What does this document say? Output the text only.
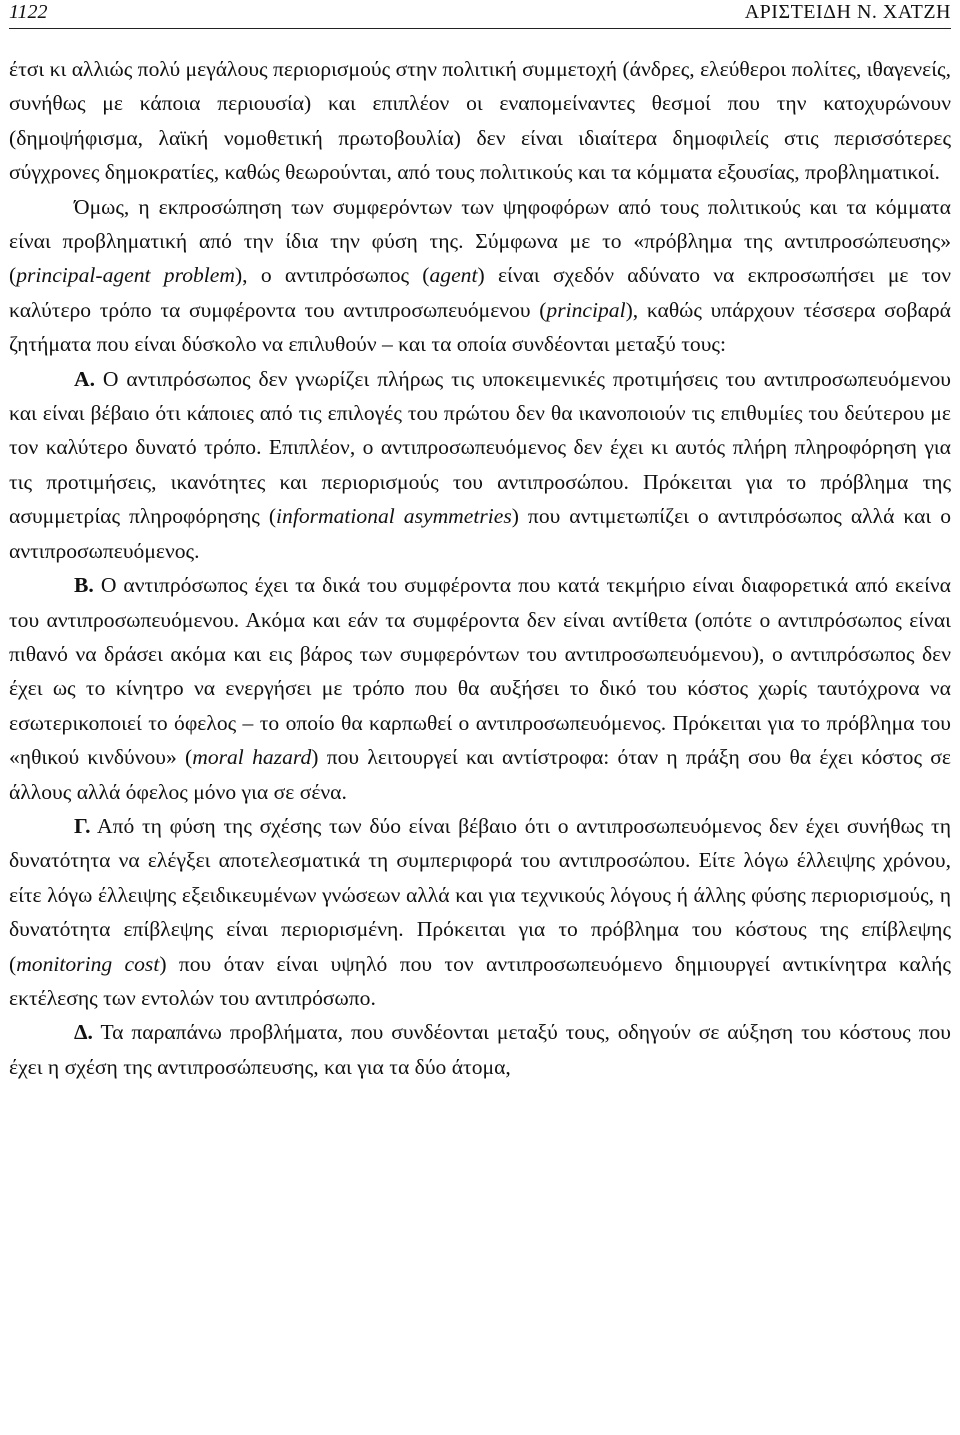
1122	ΑΡΙΣΤΕΙΔΗ Ν. ΧΑΤΖΗ

έτσι κι αλλιώς πολύ μεγάλους περιορισμούς στην πολιτική συμμετοχή (άνδρες, ελεύθεροι πολίτες, ιθαγενείς, συνήθως με κάποια περιουσία) και επιπλέον οι εναπομείναντες θεσμοί που την κατοχυρώνουν (δημοψήφισμα, λαϊκή νομοθετική πρωτοβουλία) δεν είναι ιδιαίτερα δημοφιλείς στις περισσότερες σύγχρονες δημοκρατίες, καθώς θεωρούνται, από τους πολιτικούς και τα κόμματα εξουσίας, προβληματικοί.

Όμως, η εκπροσώπηση των συμφερόντων των ψηφοφόρων από τους πολιτικούς και τα κόμματα είναι προβληματική από την ίδια την φύση της. Σύμφωνα με το «πρόβλημα της αντιπροσώπευσης» (principal-agent problem), ο αντιπρόσωπος (agent) είναι σχεδόν αδύνατο να εκπροσωπήσει με τον καλύτερο τρόπο τα συμφέροντα του αντιπροσωπευόμενου (principal), καθώς υπάρχουν τέσσερα σοβαρά ζητήματα που είναι δύσκολο να επιλυθούν – και τα οποία συνδέονται μεταξύ τους:

Α. Ο αντιπρόσωπος δεν γνωρίζει πλήρως τις υποκειμενικές προτιμήσεις του αντιπροσωπευόμενου και είναι βέβαιο ότι κάποιες από τις επιλογές του πρώτου δεν θα ικανοποιούν τις επιθυμίες του δεύτερου με τον καλύτερο δυνατό τρόπο. Επιπλέον, ο αντιπροσωπευόμενος δεν έχει κι αυτός πλήρη πληροφόρηση για τις προτιμήσεις, ικανότητες και περιορισμούς του αντιπροσώπου. Πρόκειται για το πρόβλημα της ασυμμετρίας πληροφόρησης (informational asymmetries) που αντιμετωπίζει ο αντιπρόσωπος αλλά και ο αντιπροσωπευόμενος.

Β. Ο αντιπρόσωπος έχει τα δικά του συμφέροντα που κατά τεκμήριο είναι διαφορετικά από εκείνα του αντιπροσωπευόμενου. Ακόμα και εάν τα συμφέροντα δεν είναι αντίθετα (οπότε ο αντιπρόσωπος είναι πιθανό να δράσει ακόμα και εις βάρος των συμφερόντων του αντιπροσωπευόμενου), ο αντιπρόσωπος δεν έχει ως το κίνητρο να ενεργήσει με τρόπο που θα αυξήσει το δικό του κόστος χωρίς ταυτόχρονα να εσωτερικοποιεί το όφελος – το οποίο θα καρπωθεί ο αντιπροσωπευόμενος. Πρόκειται για το πρόβλημα του «ηθικού κινδύνου» (moral hazard) που λειτουργεί και αντίστροφα: όταν η πράξη σου θα έχει κόστος σε άλλους αλλά όφελος μόνο για σε σένα.

Γ. Από τη φύση της σχέσης των δύο είναι βέβαιο ότι ο αντιπροσωπευόμενος δεν έχει συνήθως τη δυνατότητα να ελέγξει αποτελεσματικά τη συμπεριφορά του αντιπροσώπου. Είτε λόγω έλλειψης χρόνου, είτε λόγω έλλειψης εξειδικευμένων γνώσεων αλλά και για τεχνικούς λόγους ή άλλης φύσης περιορισμούς, η δυνατότητα επίβλεψης είναι περιορισμένη. Πρόκειται για το πρόβλημα του κόστους της επίβλεψης (monitoring cost) που όταν είναι υψηλό που τον αντιπροσωπευόμενο δημιουργεί αντικίνητρα καλής εκτέλεσης των εντολών του αντιπρόσωπο.

Δ. Τα παραπάνω προβλήματα, που συνδέονται μεταξύ τους, οδηγούν σε αύξηση του κόστους που έχει η σχέση της αντιπροσώπευσης, και για τα δύο άτομα,
